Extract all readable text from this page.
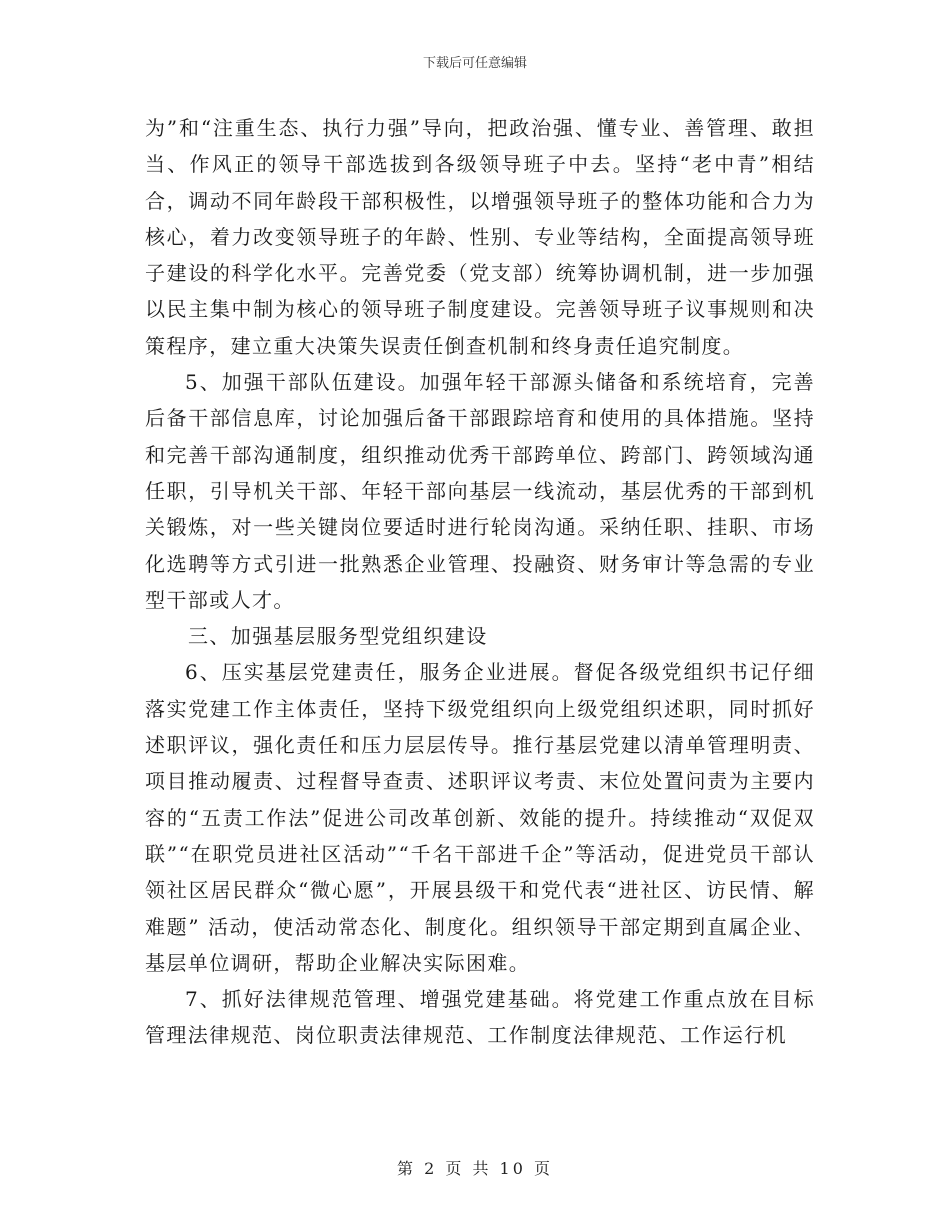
下载后可任意编辑

为”和“注重生态、执行力强”导向，把政治强、懂专业、善管理、敢担当、作风正的领导干部选拔到各级领导班子中去。坚持“老中青”相结合，调动不同年龄段干部积极性，以增强领导班子的整体功能和合力为核心，着力改变领导班子的年龄、性别、专业等结构，全面提高领导班子建设的科学化水平。完善党委（党支部）统筹协调机制，进一步加强以民主集中制为核心的领导班子制度建设。完善领导班子议事规则和决策程序，建立重大决策失误责任倒查机制和终身责任追究制度。

5、加强干部队伍建设。加强年轻干部源头储备和系统培育，完善后备干部信息库，讨论加强后备干部跟踪培育和使用的具体措施。坚持和完善干部沟通制度，组织推动优秀干部跨单位、跨部门、跨领域沟通任职，引导机关干部、年轻干部向基层一线流动，基层优秀的干部到机关锻炼，对一些关键岗位要适时进行轮岗沟通。采纳任职、挂职、市场化选聘等方式引进一批熟悉企业管理、投融资、财务审计等急需的专业型干部或人才。

三、加强基层服务型党组织建设

6、压实基层党建责任，服务企业进展。督促各级党组织书记仔细落实党建工作主体责任，坚持下级党组织向上级党组织述职，同时抓好述职评议，强化责任和压力层层传导。推行基层党建以清单管理明责、项目推动履责、过程督导查责、述职评议考责、末位处置问责为主要内容的“五责工作法”促进公司改革创新、效能的提升。持续推动“双促双联”“在职党员进社区活动”“千名干部进千企”等活动，促进党员干部认领社区居民群众“微心愿”，开展县级干和党代表“进社区、访民情、解难题” 活动，使活动常态化、制度化。组织领导干部定期到直属企业、基层单位调研，帮助企业解决实际困难。

7、抓好法律规范管理、增强党建基础。将党建工作重点放在目标管理法律规范、岗位职责法律规范、工作制度法律规范、工作运行机

第 2 页 共 10 页
